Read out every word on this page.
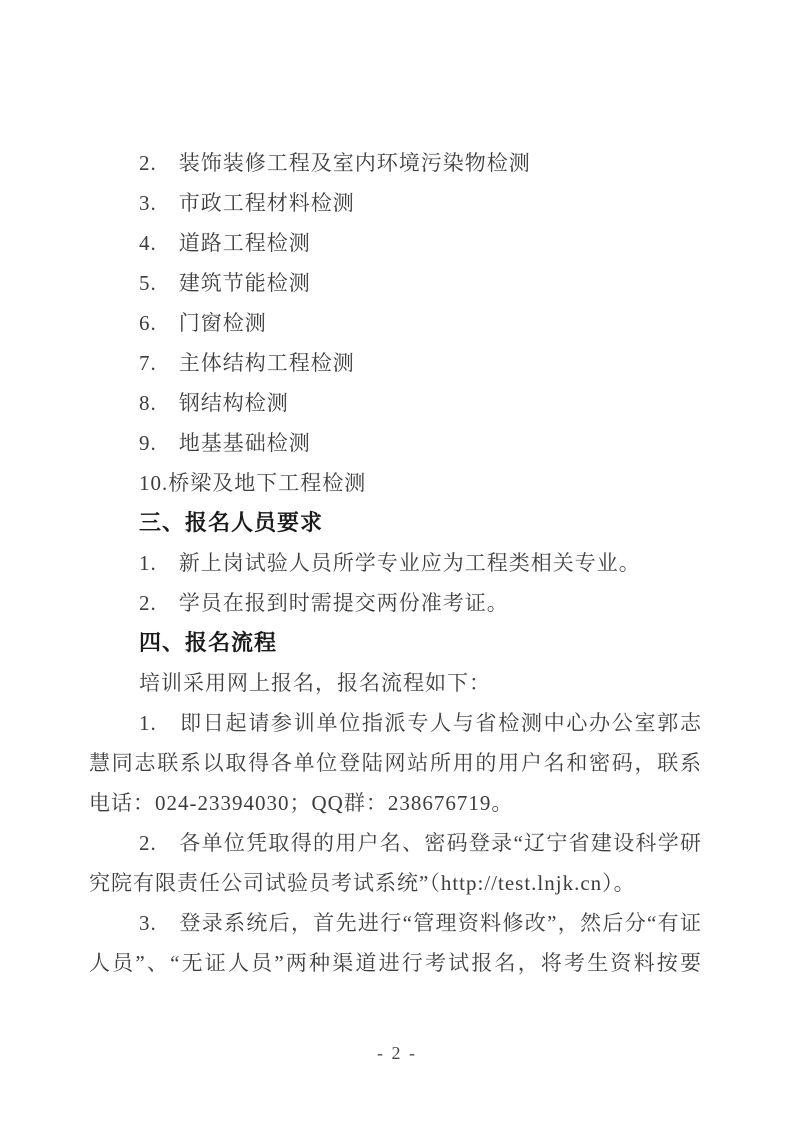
2.　装饰装修工程及室内环境污染物检测
3.　市政工程材料检测
4.　道路工程检测
5.　建筑节能检测
6.　门窗检测
7.　主体结构工程检测
8.　钢结构检测
9.　地基基础检测
10.桥梁及地下工程检测
三、报名人员要求
1.　新上岗试验人员所学专业应为工程类相关专业。
2.　学员在报到时需提交两份准考证。
四、报名流程
培训采用网上报名，报名流程如下：
1.　即日起请参训单位指派专人与省检测中心办公室郭志
慧同志联系以取得各单位登陆网站所用的用户名和密码，联系
电话：024-23394030；QQ群：238676719。
2.　各单位凭取得的用户名、密码登录“辽宁省建设科学研
究院有限责任公司试验员考试系统”（http://test.lnjk.cn）。
3.　登录系统后，首先进行“管理资料修改”，然后分“有证
人员”、“无证人员”两种渠道进行考试报名，将考生资料按要
- 2 -
